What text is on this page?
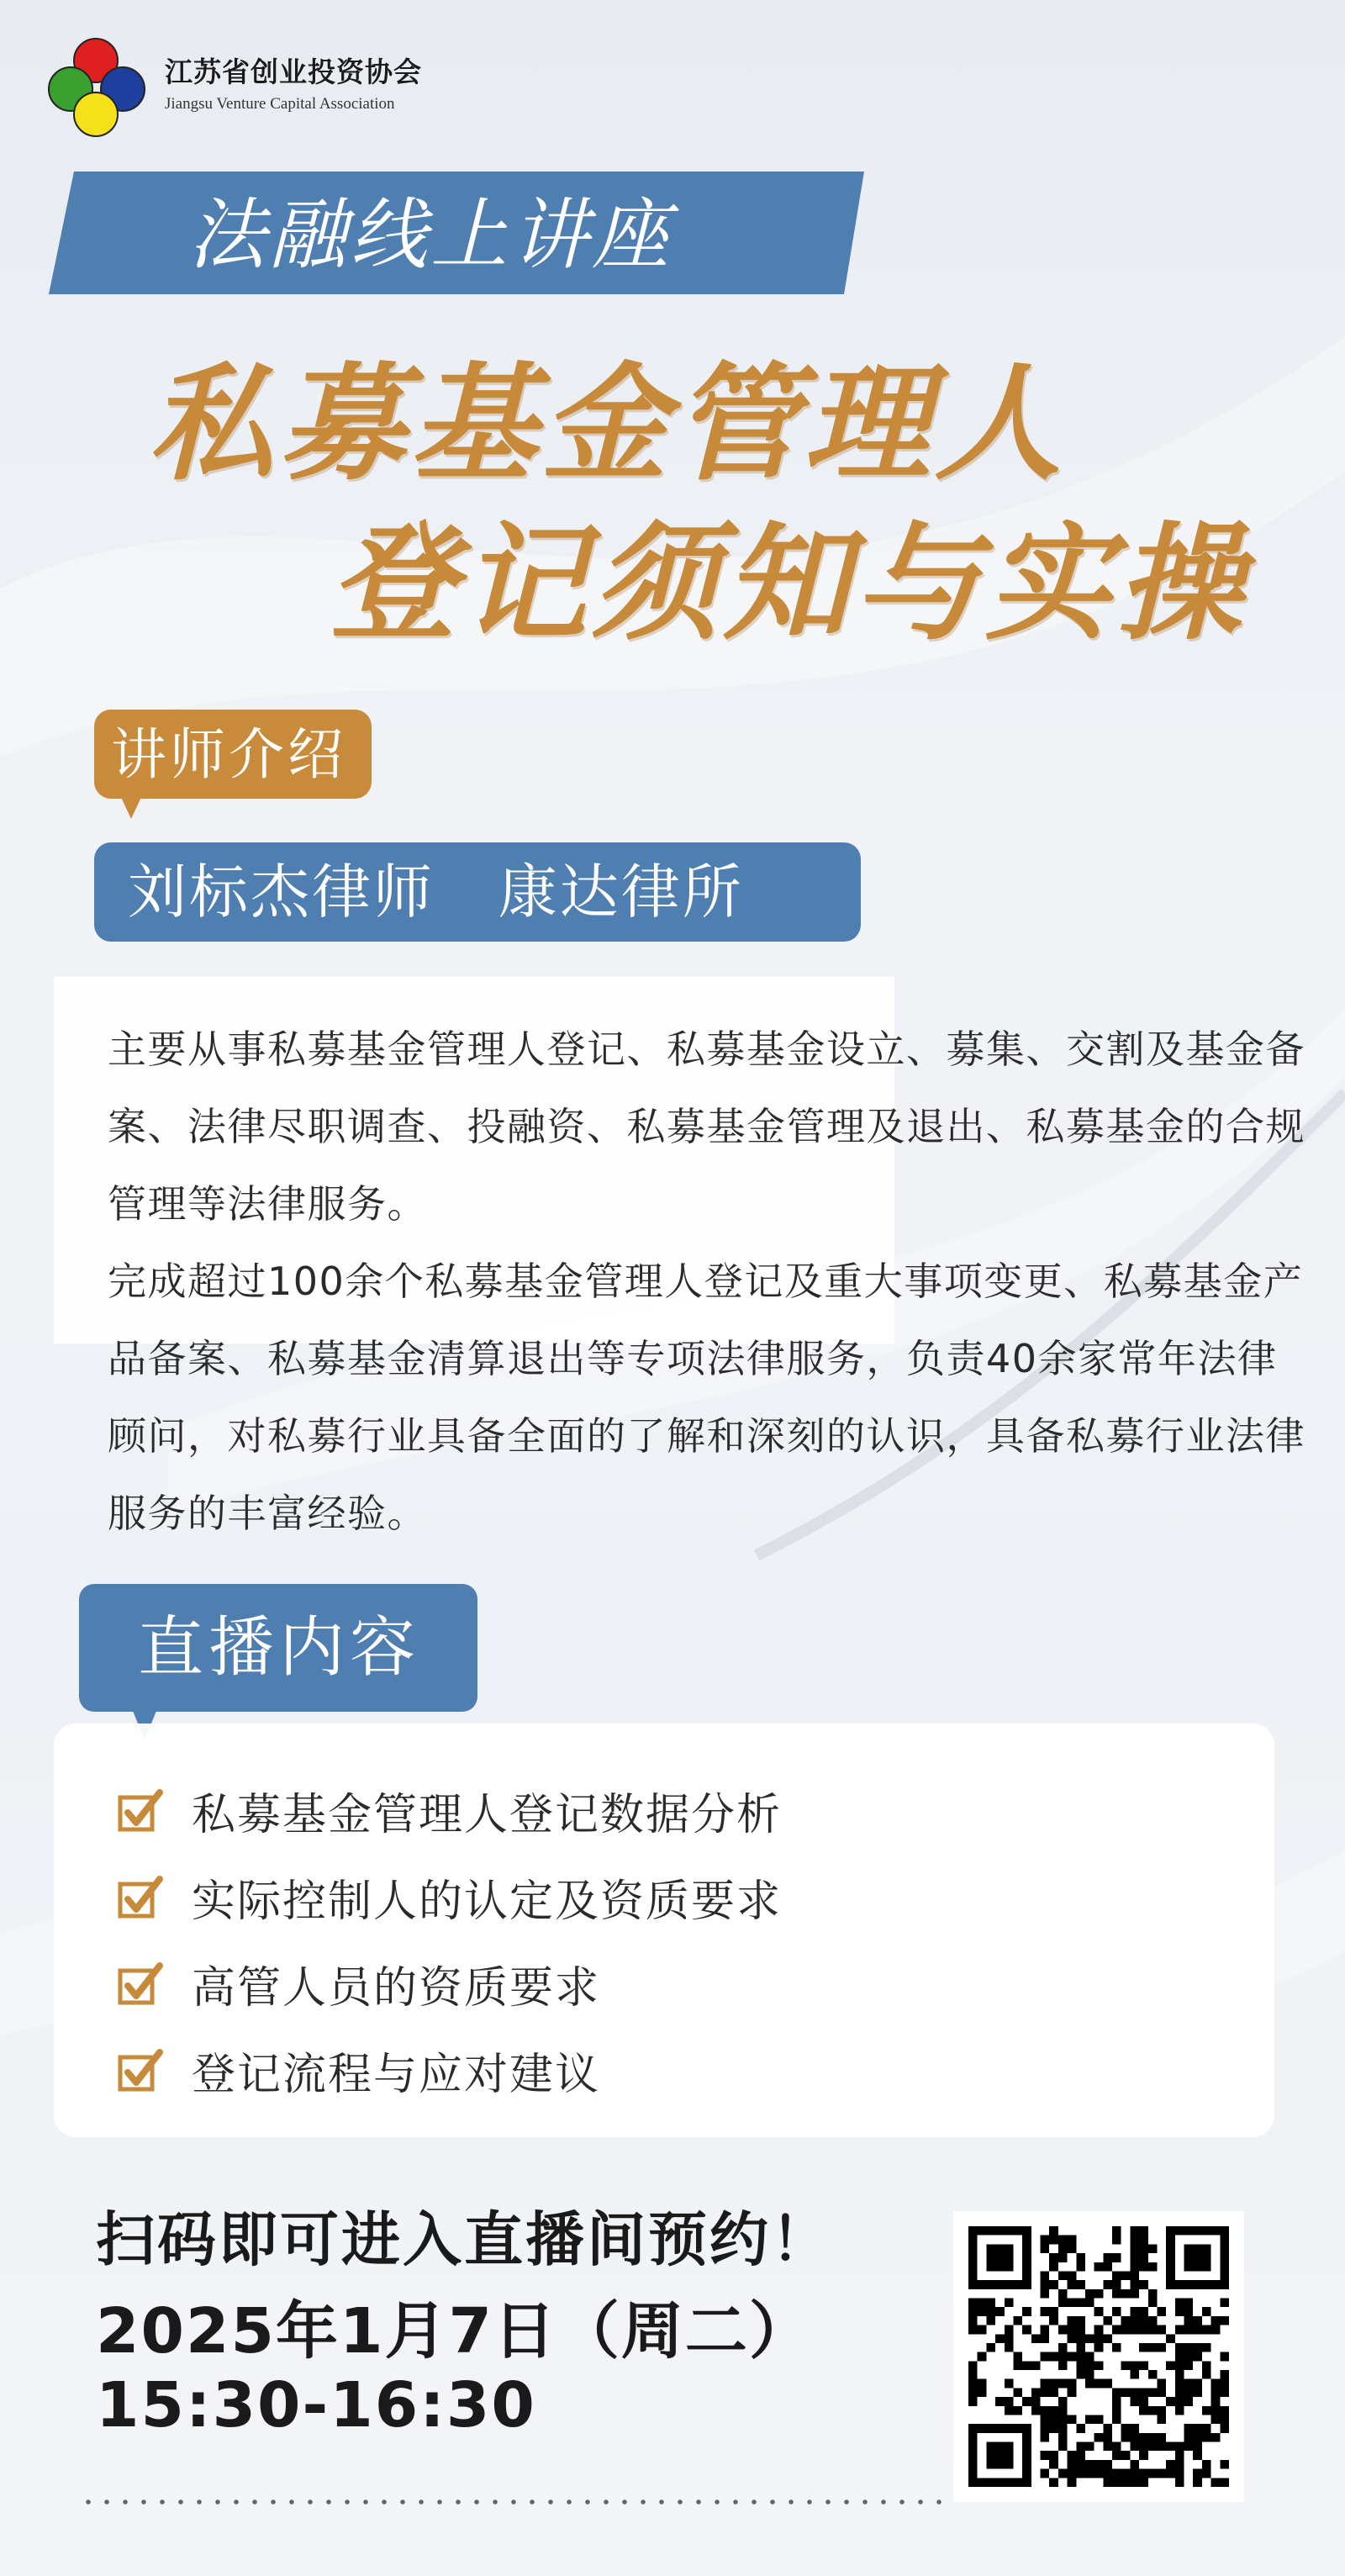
江苏省创业投资协会
Jiangsu Venture Capital Association
法融线上讲座
私募基金管理人
登记须知与实操
讲师介绍
刘标杰律师   康达律所

主要从事私募基金管理人登记、私募基金设立、募集、交割及基金备案、法律尽职调查、投融资、私募基金管理及退出、私募基金的合规管理等法律服务。

完成超过100余个私募基金管理人登记及重大事项变更、私募基金产品备案、私募基金清算退出等专项法律服务，负责40余家常年法律顾问，对私募行业具备全面的了解和深刻的认识，具备私募行业法律服务的丰富经验。

直播内容
私募基金管理人登记数据分析
实际控制人的认定及资质要求
高管人员的资质要求
登记流程与应对建议
扫码即可进入直播间预约！
2025年1月7日（周二）
15:30-16:30
